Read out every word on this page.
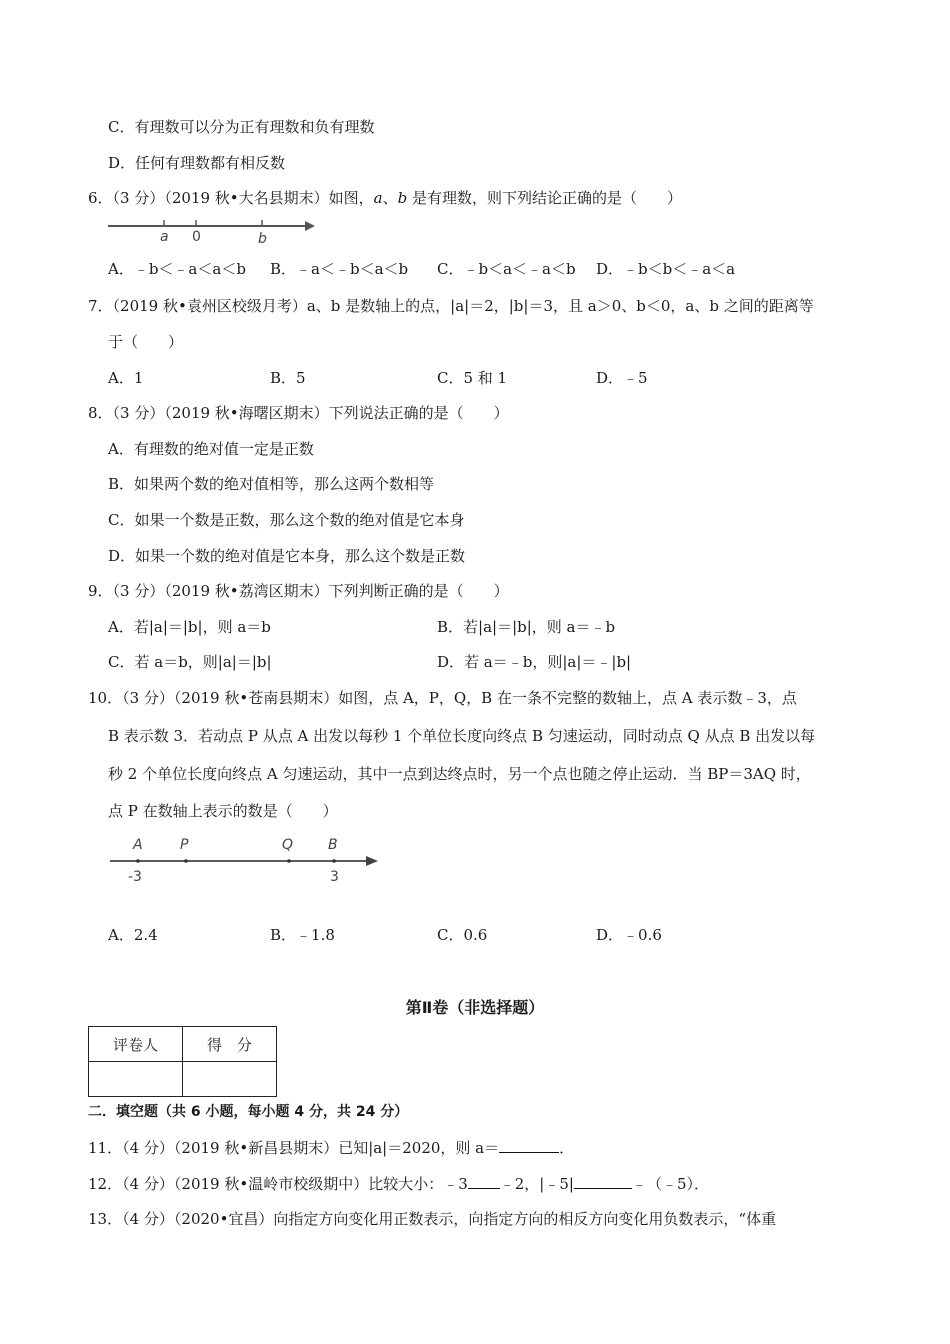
C．有理数可以分为正有理数和负有理数
D．任何有理数都有相反数
6．（3 分）（2019 秋•大名县期末）如图，a、b 是有理数，则下列结论正确的是（　　）
a 0	b
A．﹣b＜﹣a＜a＜b B．﹣a＜﹣b＜a＜b C．﹣b＜a＜﹣a＜b D．﹣b＜b＜﹣a＜a
7．（2019 秋•袁州区校级月考）a、b 是数轴上的点，|a|＝2，|b|＝3，且 a＞0、b＜0，a、b 之间的距离等
于（　　）
A．1	B．5	C．5 和 1	D．﹣5
8．（3 分）（2019 秋•海曙区期末）下列说法正确的是（　　）
A．有理数的绝对值一定是正数
B．如果两个数的绝对值相等，那么这两个数相等
C．如果一个数是正数，那么这个数的绝对值是它本身
D．如果一个数的绝对值是它本身，那么这个数是正数
9．（3 分）（2019 秋•荔湾区期末）下列判断正确的是（　　）
A．若|a|＝|b|，则 a＝b	B．若|a|＝|b|，则 a＝﹣b
C．若 a＝b，则|a|＝|b|	D．若 a＝﹣b，则|a|＝﹣|b|
10．（3 分）（2019 秋•苍南县期末）如图，点 A，P，Q，B 在一条不完整的数轴上，点 A 表示数﹣3，点
B 表示数 3．若动点 P 从点 A 出发以每秒 1 个单位长度向终点 B 匀速运动，同时动点 Q 从点 B 出发以每
秒 2 个单位长度向终点 A 匀速运动，其中一点到达终点时，另一个点也随之停止运动．当 BP＝3AQ 时，
点 P 在数轴上表示的数是（　　）
A	P	Q B
-3	3
A．2.4	B．﹣1.8	C．0.6	D．﹣0.6
第Ⅱ卷（非选择题）
评卷人	得　分

二．填空题（共 6 小题，每小题 4 分，共 24 分）
11．（4 分）（2019 秋•新昌县期末）已知|a|＝2020，则 a＝	．
12．（4 分）（2019 秋•温岭市校级期中）比较大小：﹣3 ﹣2，|﹣5|	﹣（﹣5）．
13．（4 分）（2020•宜昌）向指定方向变化用正数表示，向指定方向的相反方向变化用负数表示，“体重
